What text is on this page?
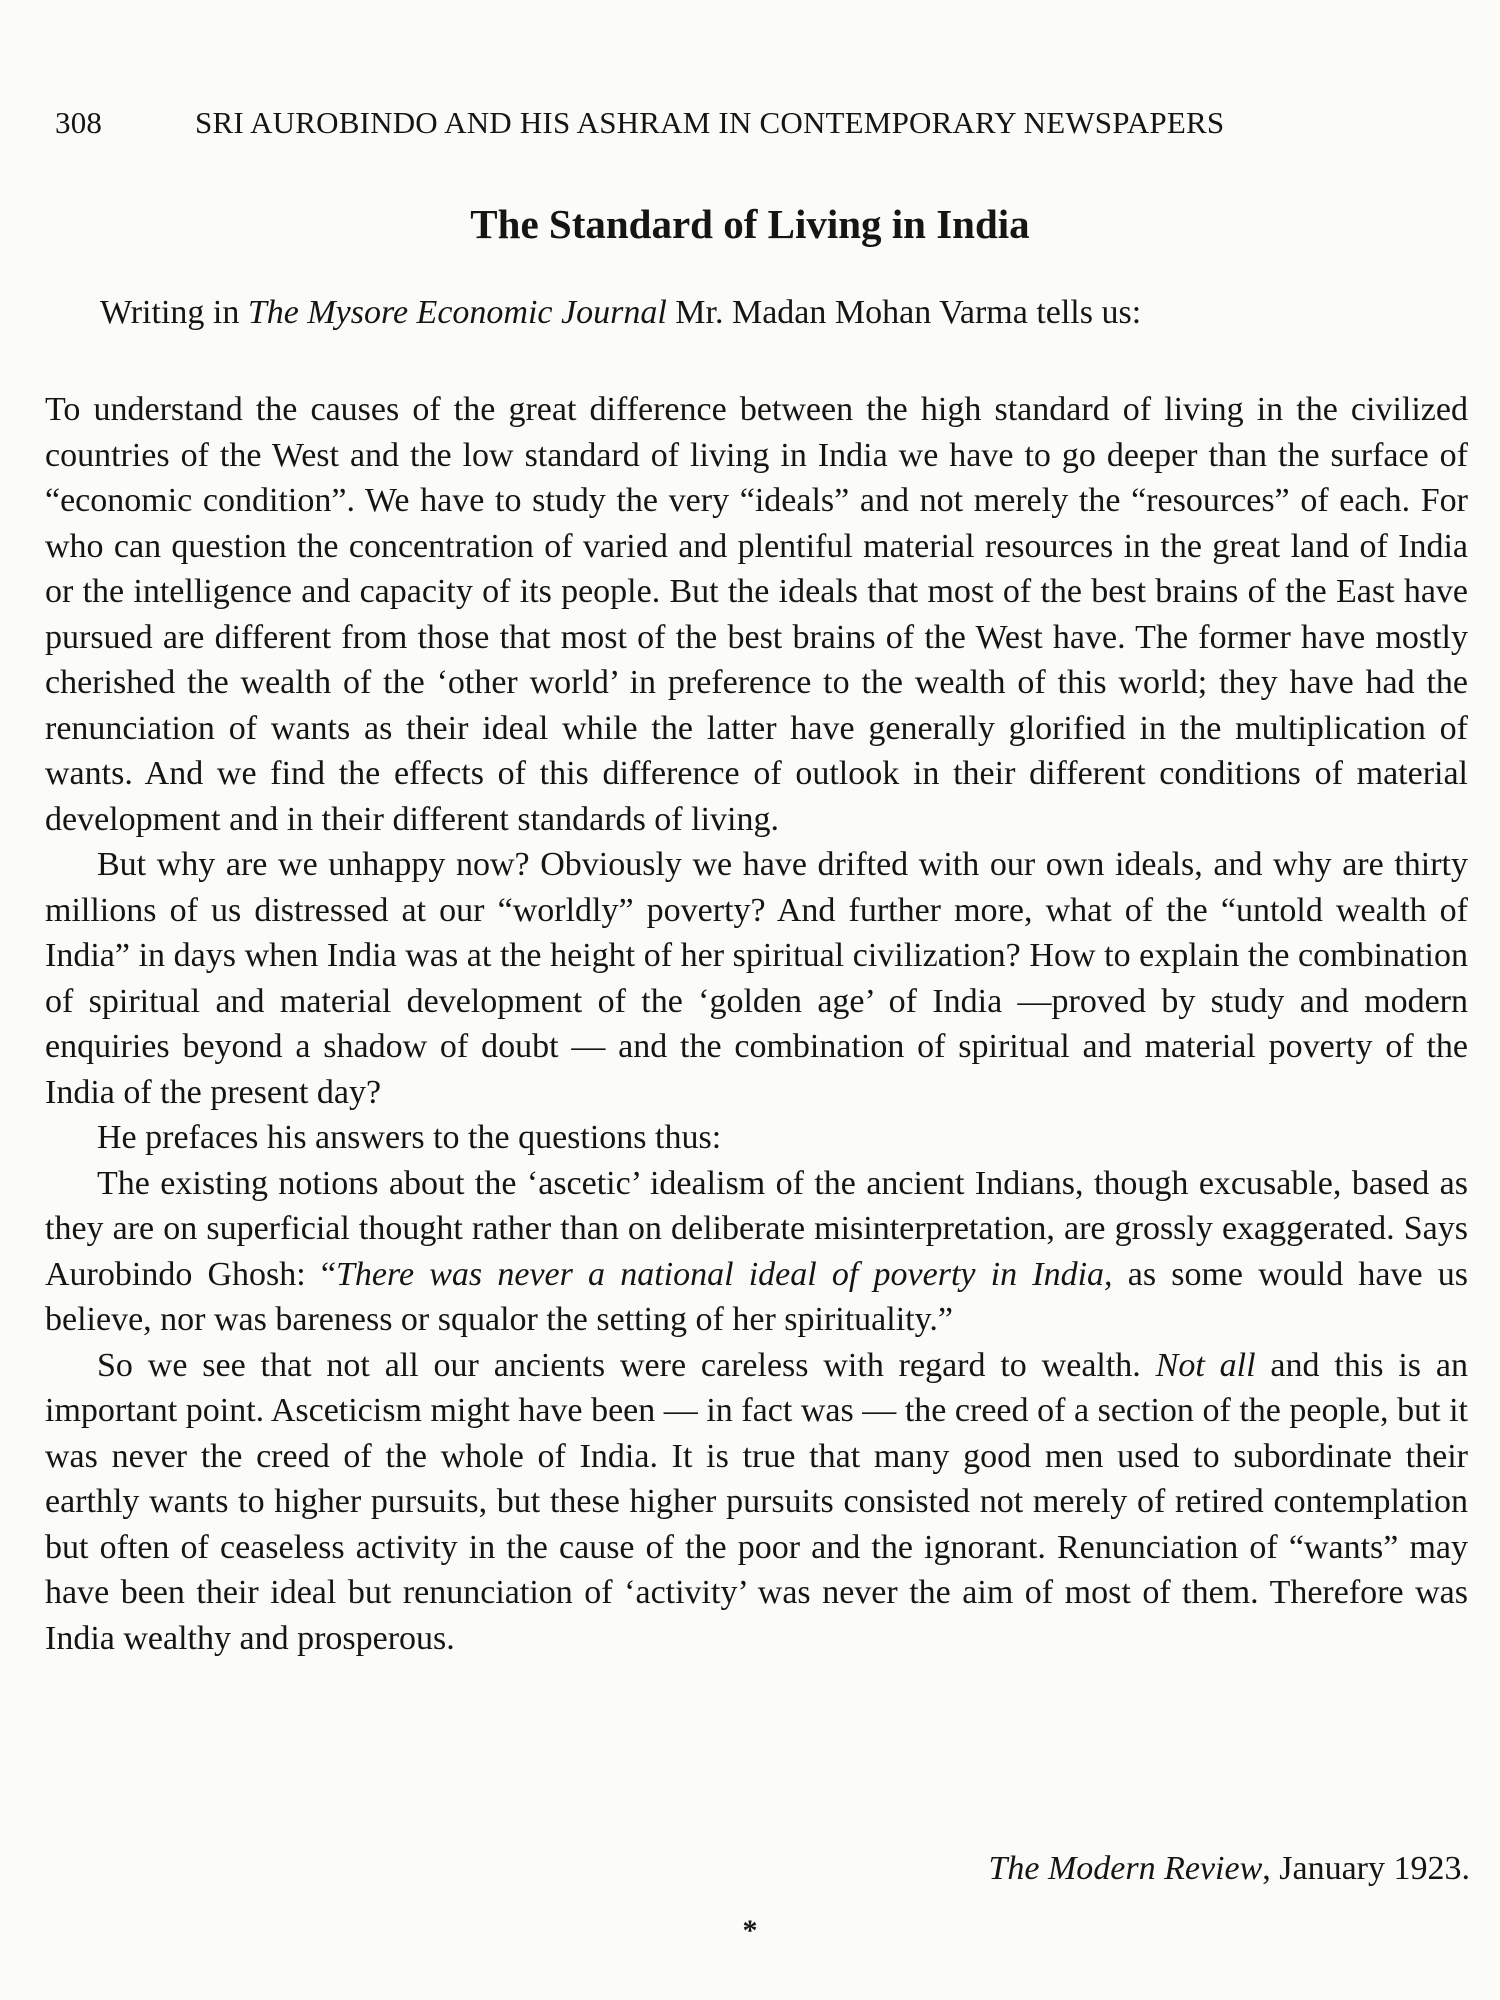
308	SRI AUROBINDO AND HIS ASHRAM IN CONTEMPORARY NEWSPAPERS
The Standard of Living in India

Writing in The Mysore Economic Journal Mr. Madan Mohan Varma tells us:

To understand the causes of the great difference between the high standard of living in the civilized countries of the West and the low standard of living in India we have to go deeper than the surface of “economic condition”. We have to study the very “ideals” and not merely the “resources” of each. For who can question the concentration of varied and plentiful material resources in the great land of India or the intelligence and capacity of its people. But the ideals that most of the best brains of the East have pursued are different from those that most of the best brains of the West have. The former have mostly cherished the wealth of the ‘other world’ in preference to the wealth of this world; they have had the renunciation of wants as their ideal while the latter have generally glorified in the multiplication of wants. And we find the effects of this difference of outlook in their different conditions of material development and in their different standards of living.

But why are we unhappy now? Obviously we have drifted with our own ideals, and why are thirty millions of us distressed at our “worldly” poverty? And further more, what of the “untold wealth of India” in days when India was at the height of her spiritual civilization? How to explain the combination of spiritual and material development of the ‘golden age’ of India —proved by study and modern enquiries beyond a shadow of doubt — and the combination of spiritual and material poverty of the India of the present day?

He prefaces his answers to the questions thus:

The existing notions about the ‘ascetic’ idealism of the ancient Indians, though excusable, based as they are on superficial thought rather than on deliberate misinterpretation, are grossly exaggerated. Says Aurobindo Ghosh: “There was never a national ideal of poverty in India, as some would have us believe, nor was bareness or squalor the setting of her spirituality.”

So we see that not all our ancients were careless with regard to wealth. Not all and this is an important point. Asceticism might have been — in fact was — the creed of a section of the people, but it was never the creed of the whole of India. It is true that many good men used to subordinate their earthly wants to higher pursuits, but these higher pursuits consisted not merely of retired contemplation but often of ceaseless activity in the cause of the poor and the ignorant. Renunciation of “wants” may have been their ideal but renunciation of ‘activity’ was never the aim of most of them. Therefore was India wealthy and prosperous.

The Modern Review, January 1923.
*
